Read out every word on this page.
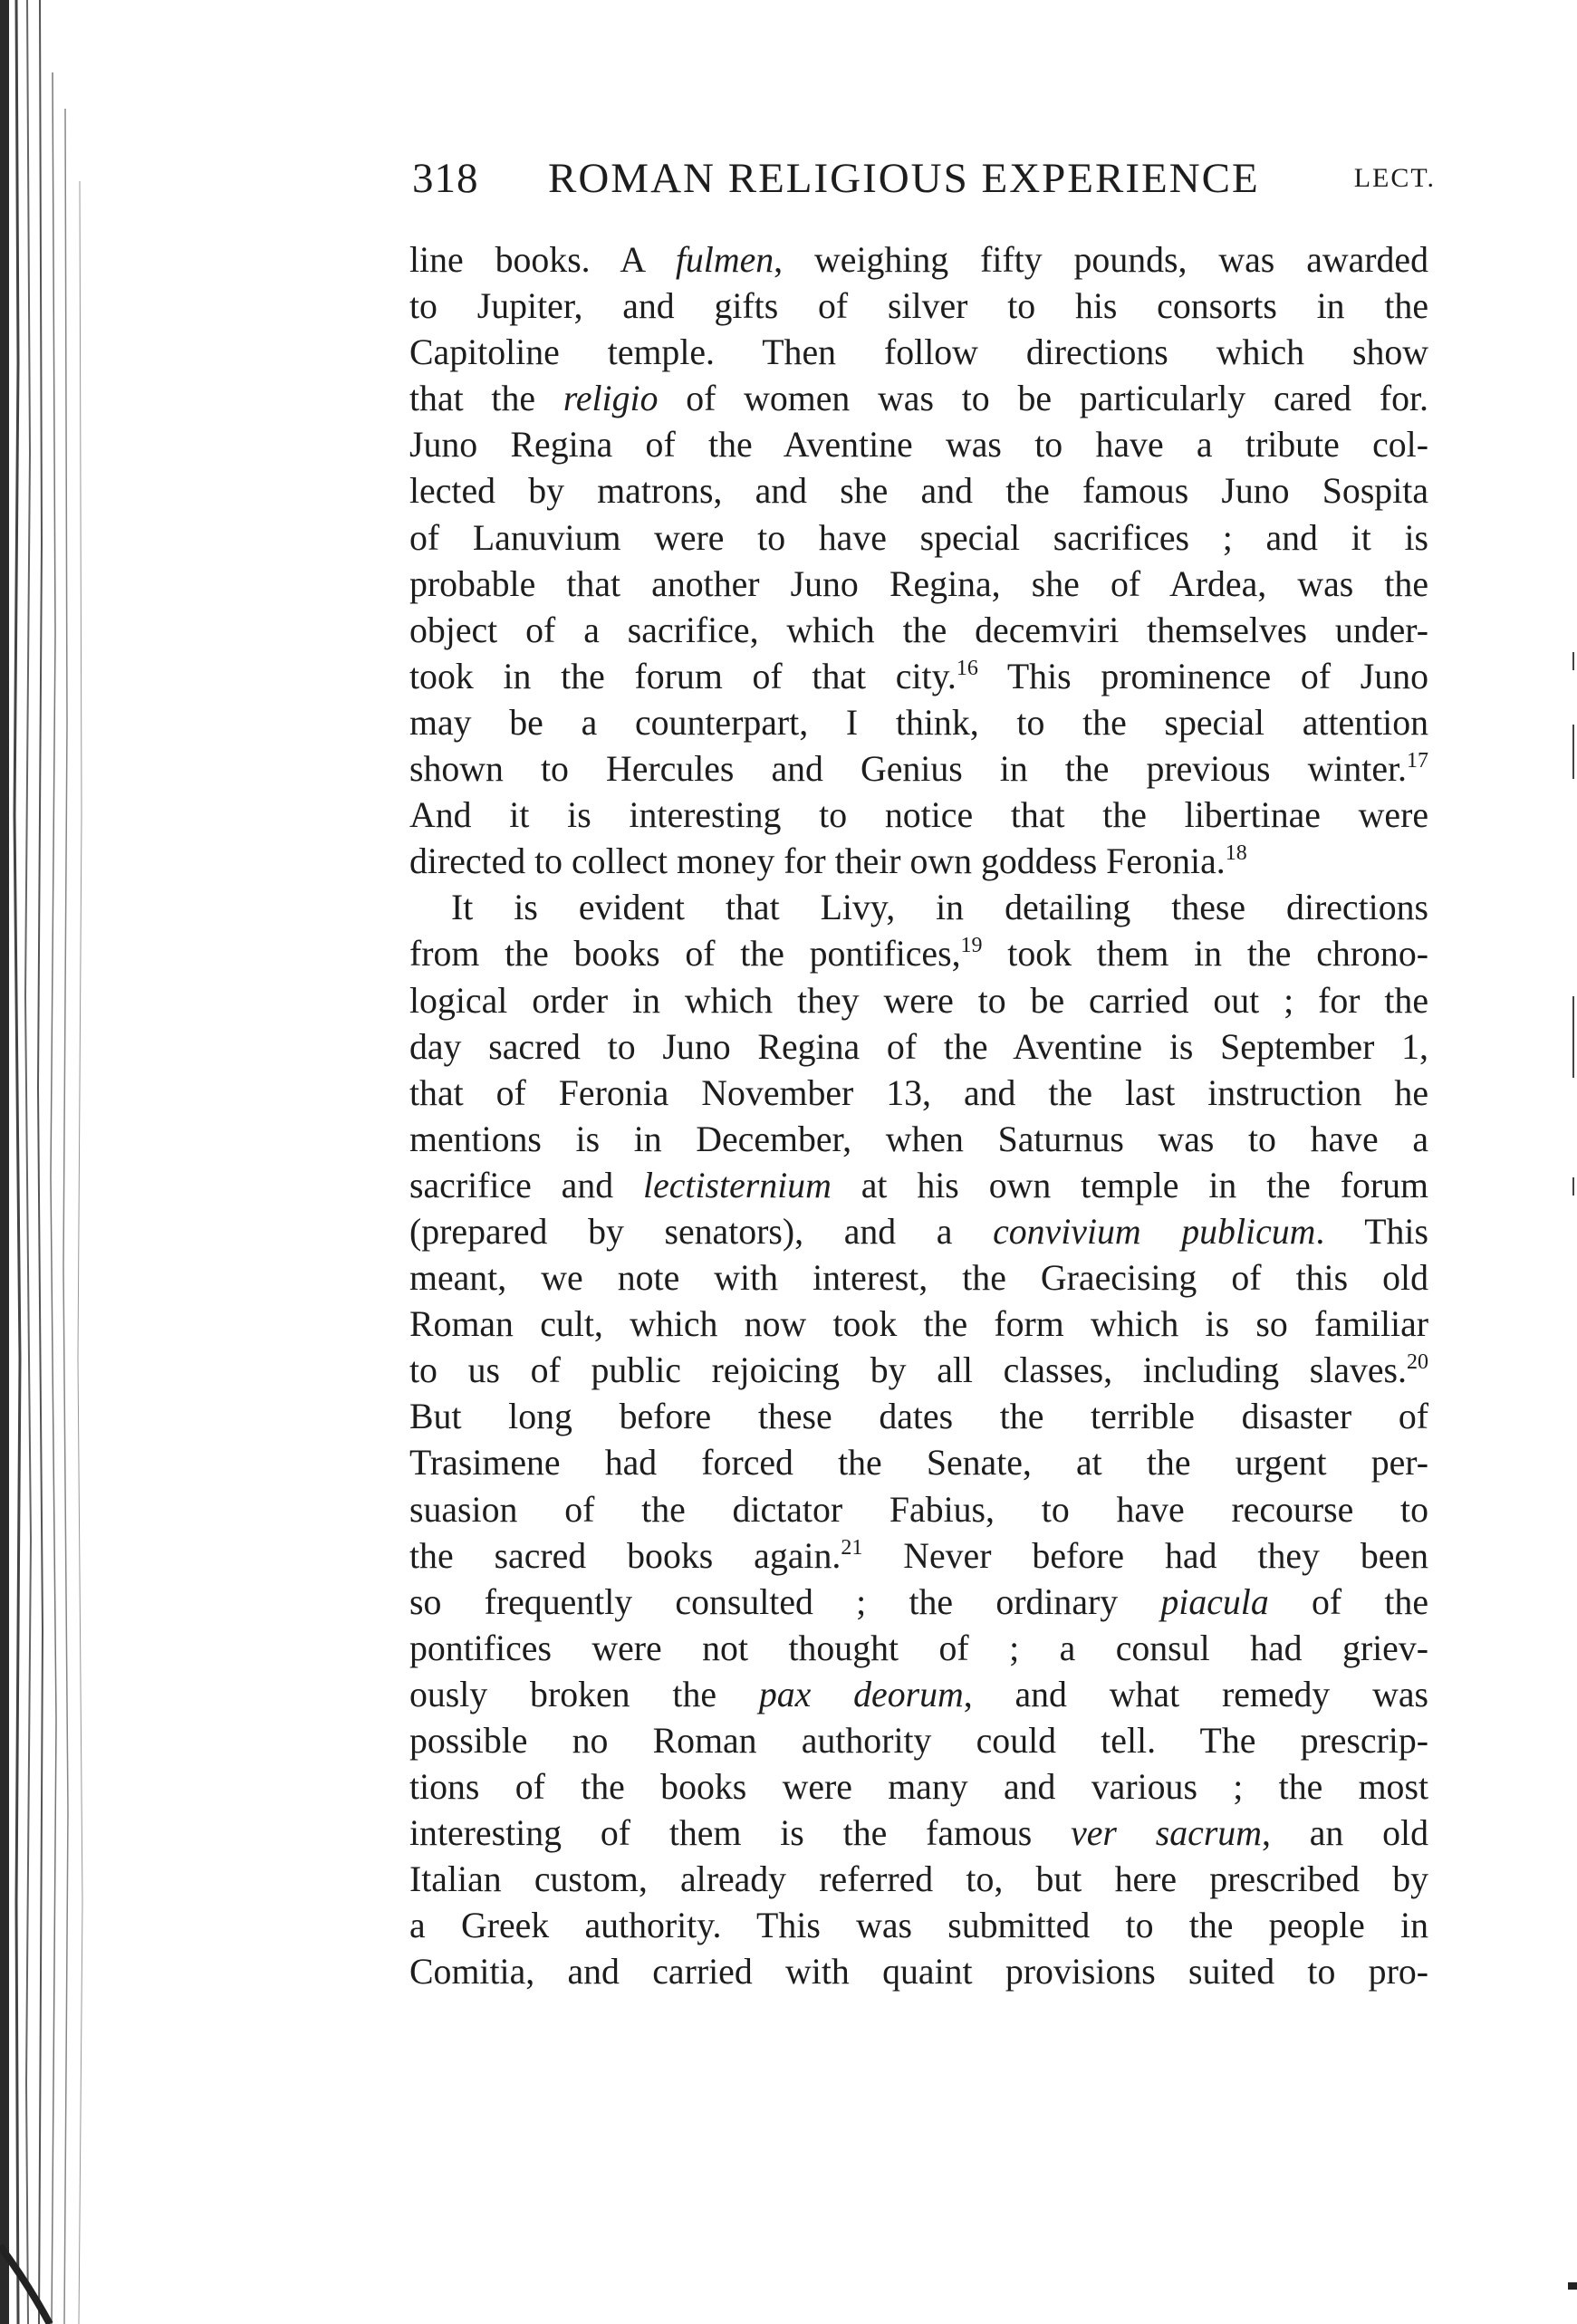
318 ROMAN RELIGIOUS EXPERIENCE	LECT.
line books. A fulmen, weighing fifty pounds, was awarded
to Jupiter, and gifts of silver to his consorts in the
Capitoline temple. Then follow directions which show
that the religio of women was to be particularly cared for.
Juno Regina of the Aventine was to have a tribute col-
lected by matrons, and she and the famous Juno Sospita
of Lanuvium were to have special sacrifices ; and it is
probable that another Juno Regina, she of Ardea, was the
object of a sacrifice, which the decemviri themselves under-
took in the forum of that city.$^{16}$ This prominence of Juno
may be a counterpart, I think, to the special attention
shown to Hercules and Genius in the previous winter.$^{17}$
And it is interesting to notice that the libertinae were
directed to collect money for their own goddess Feronia.$^{18}$
It is evident that Livy, in detailing these directions
from the books of the pontifices,$^{19}$ took them in the chrono-
logical order in which they were to be carried out ; for the
day sacred to Juno Regina of the Aventine is September 1,
that of Feronia November 13, and the last instruction he
mentions is in December, when Saturnus was to have a
sacrifice and lectisternium at his own temple in the forum
(prepared by senators), and a convivium publicum. This
meant, we note with interest, the Graecising of this old
Roman cult, which now took the form which is so familiar
to us of public rejoicing by all classes, including slaves.$^{20}$
But long before these dates the terrible disaster of
Trasimene had forced the Senate, at the urgent per-
suasion of the dictator Fabius, to have recourse to
the sacred books again.$^{21}$ Never before had they been
so frequently consulted ; the ordinary piacula of the
pontifices were not thought of ; a consul had griev-
ously broken the pax deorum, and what remedy was
possible no Roman authority could tell. The prescrip-
tions of the books were many and various ; the most
interesting of them is the famous ver sacrum, an old
Italian custom, already referred to, but here prescribed by
a Greek authority. This was submitted to the people in
Comitia, and carried with quaint provisions suited to pro-
